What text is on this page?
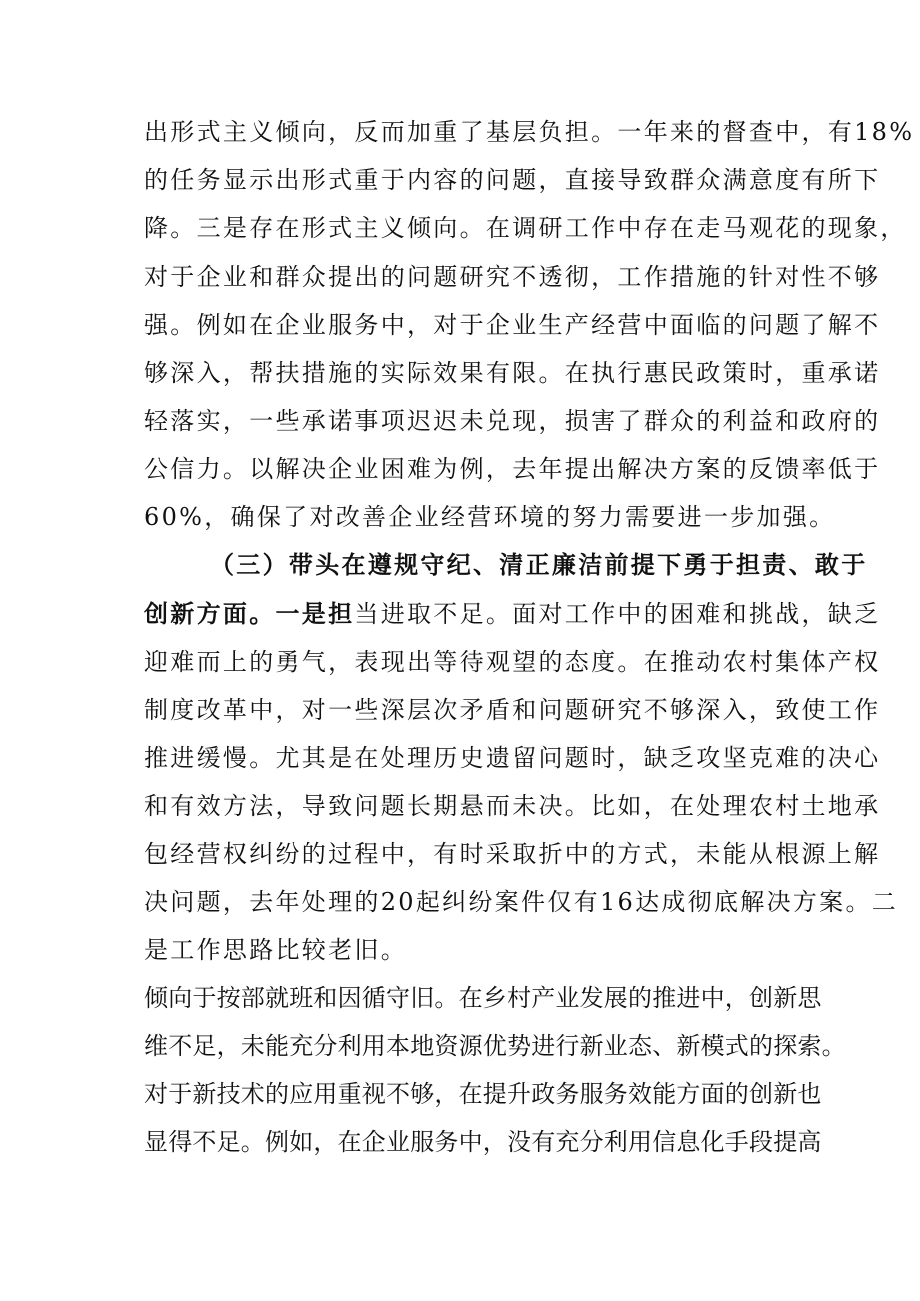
出形式主义倾向，反而加重了基层负担。一年来的督查中，有18%
的任务显示出形式重于内容的问题，直接导致群众满意度有所下
降。三是存在形式主义倾向。在调研工作中存在走马观花的现象，
对于企业和群众提出的问题研究不透彻，工作措施的针对性不够
强。例如在企业服务中，对于企业生产经营中面临的问题了解不
够深入，帮扶措施的实际效果有限。在执行惠民政策时，重承诺
轻落实，一些承诺事项迟迟未兑现，损害了群众的利益和政府的
公信力。以解决企业困难为例，去年提出解决方案的反馈率低于
60%，确保了对改善企业经营环境的努力需要进一步加强。
（三）带头在遵规守纪、清正廉洁前提下勇于担责、敢于
创新方面。一是担当进取不足。面对工作中的困难和挑战，缺乏
迎难而上的勇气，表现出等待观望的态度。在推动农村集体产权
制度改革中，对一些深层次矛盾和问题研究不够深入，致使工作
推进缓慢。尤其是在处理历史遗留问题时，缺乏攻坚克难的决心
和有效方法，导致问题长期悬而未决。比如，在处理农村土地承
包经营权纠纷的过程中，有时采取折中的方式，未能从根源上解
决问题，去年处理的20起纠纷案件仅有16达成彻底解决方案。二
是工作思路比较老旧。
倾向于按部就班和因循守旧。在乡村产业发展的推进中，创新思
维不足，未能充分利用本地资源优势进行新业态、新模式的探索。
对于新技术的应用重视不够，在提升政务服务效能方面的创新也
显得不足。例如，在企业服务中，没有充分利用信息化手段提高
